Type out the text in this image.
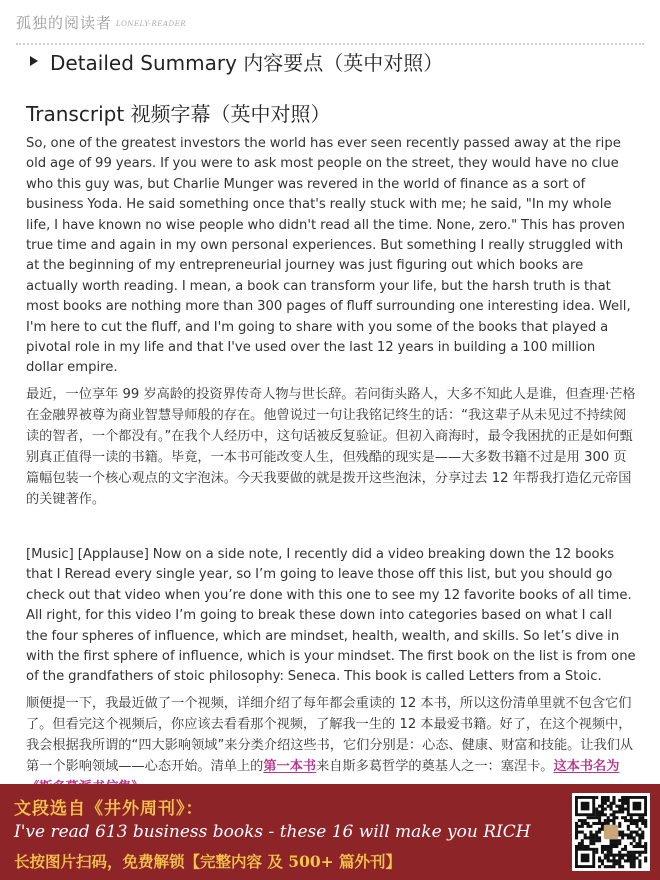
孤独的阅读者 LONELY-READER
Detailed Summary 内容要点（英中对照）
Transcript 视频字幕（英中对照）

So, one of the greatest investors the world has ever seen recently passed away at the ripe old age of 99 years. If you were to ask most people on the street, they would have no clue who this guy was, but Charlie Munger was revered in the world of finance as a sort of business Yoda. He said something once that's really stuck with me; he said, "In my whole life, I have known no wise people who didn't read all the time. None, zero." This has proven true time and again in my own personal experiences. But something I really struggled with at the beginning of my entrepreneurial journey was just figuring out which books are actually worth reading. I mean, a book can transform your life, but the harsh truth is that most books are nothing more than 300 pages of fluff surrounding one interesting idea. Well, I'm here to cut the fluff, and I'm going to share with you some of the books that played a pivotal role in my life and that I've used over the last 12 years in building a 100 million dollar empire.

最近，一位享年 99 岁高龄的投资界传奇人物与世长辞。若问街头路人，大多不知此人是谁，但查理·芒格在金融界被尊为商业智慧导师般的存在。他曾说过一句让我铭记终生的话：“我这辈子从未见过不持续阅读的智者，一个都没有。”在我个人经历中，这句话被反复验证。但初入商海时，最令我困扰的正是如何甄别真正值得一读的书籍。毕竟，一本书可能改变人生，但残酷的现实是——大多数书籍不过是用 300 页篇幅包装一个核心观点的文字泡沫。今天我要做的就是拨开这些泡沫，分享过去 12 年帮我打造亿元帝国的关键著作。

[Music] [Applause] Now on a side note, I recently did a video breaking down the 12 books that I Reread every single year, so I’m going to leave those off this list, but you should go check out that video when you’re done with this one to see my 12 favorite books of all time. All right, for this video I’m going to break these down into categories based on what I call the four spheres of influence, which are mindset, health, wealth, and skills. So let’s dive in with the first sphere of influence, which is your mindset. The first book on the list is from one of the grandfathers of stoic philosophy: Seneca. This book is called Letters from a Stoic.

顺便提一下，我最近做了一个视频，详细介绍了每年都会重读的 12 本书，所以这份清单里就不包含它们了。但看完这个视频后，你应该去看看那个视频，了解我一生的 12 本最爱书籍。好了，在这个视频中，我会根据我所谓的“四大影响领域”来分类介绍这些书，它们分别是：心态、健康、财富和技能。让我们从第一个影响领域——心态开始。清单上的第一本书来自斯多葛哲学的奠基人之一：塞涅卡。这本书名为

文段选自《井外周刊》：
I've read 613 business books - these 16 will make you RICH
长按图片扫码，免费解锁【完整内容 及 500+ 篇外刊】
